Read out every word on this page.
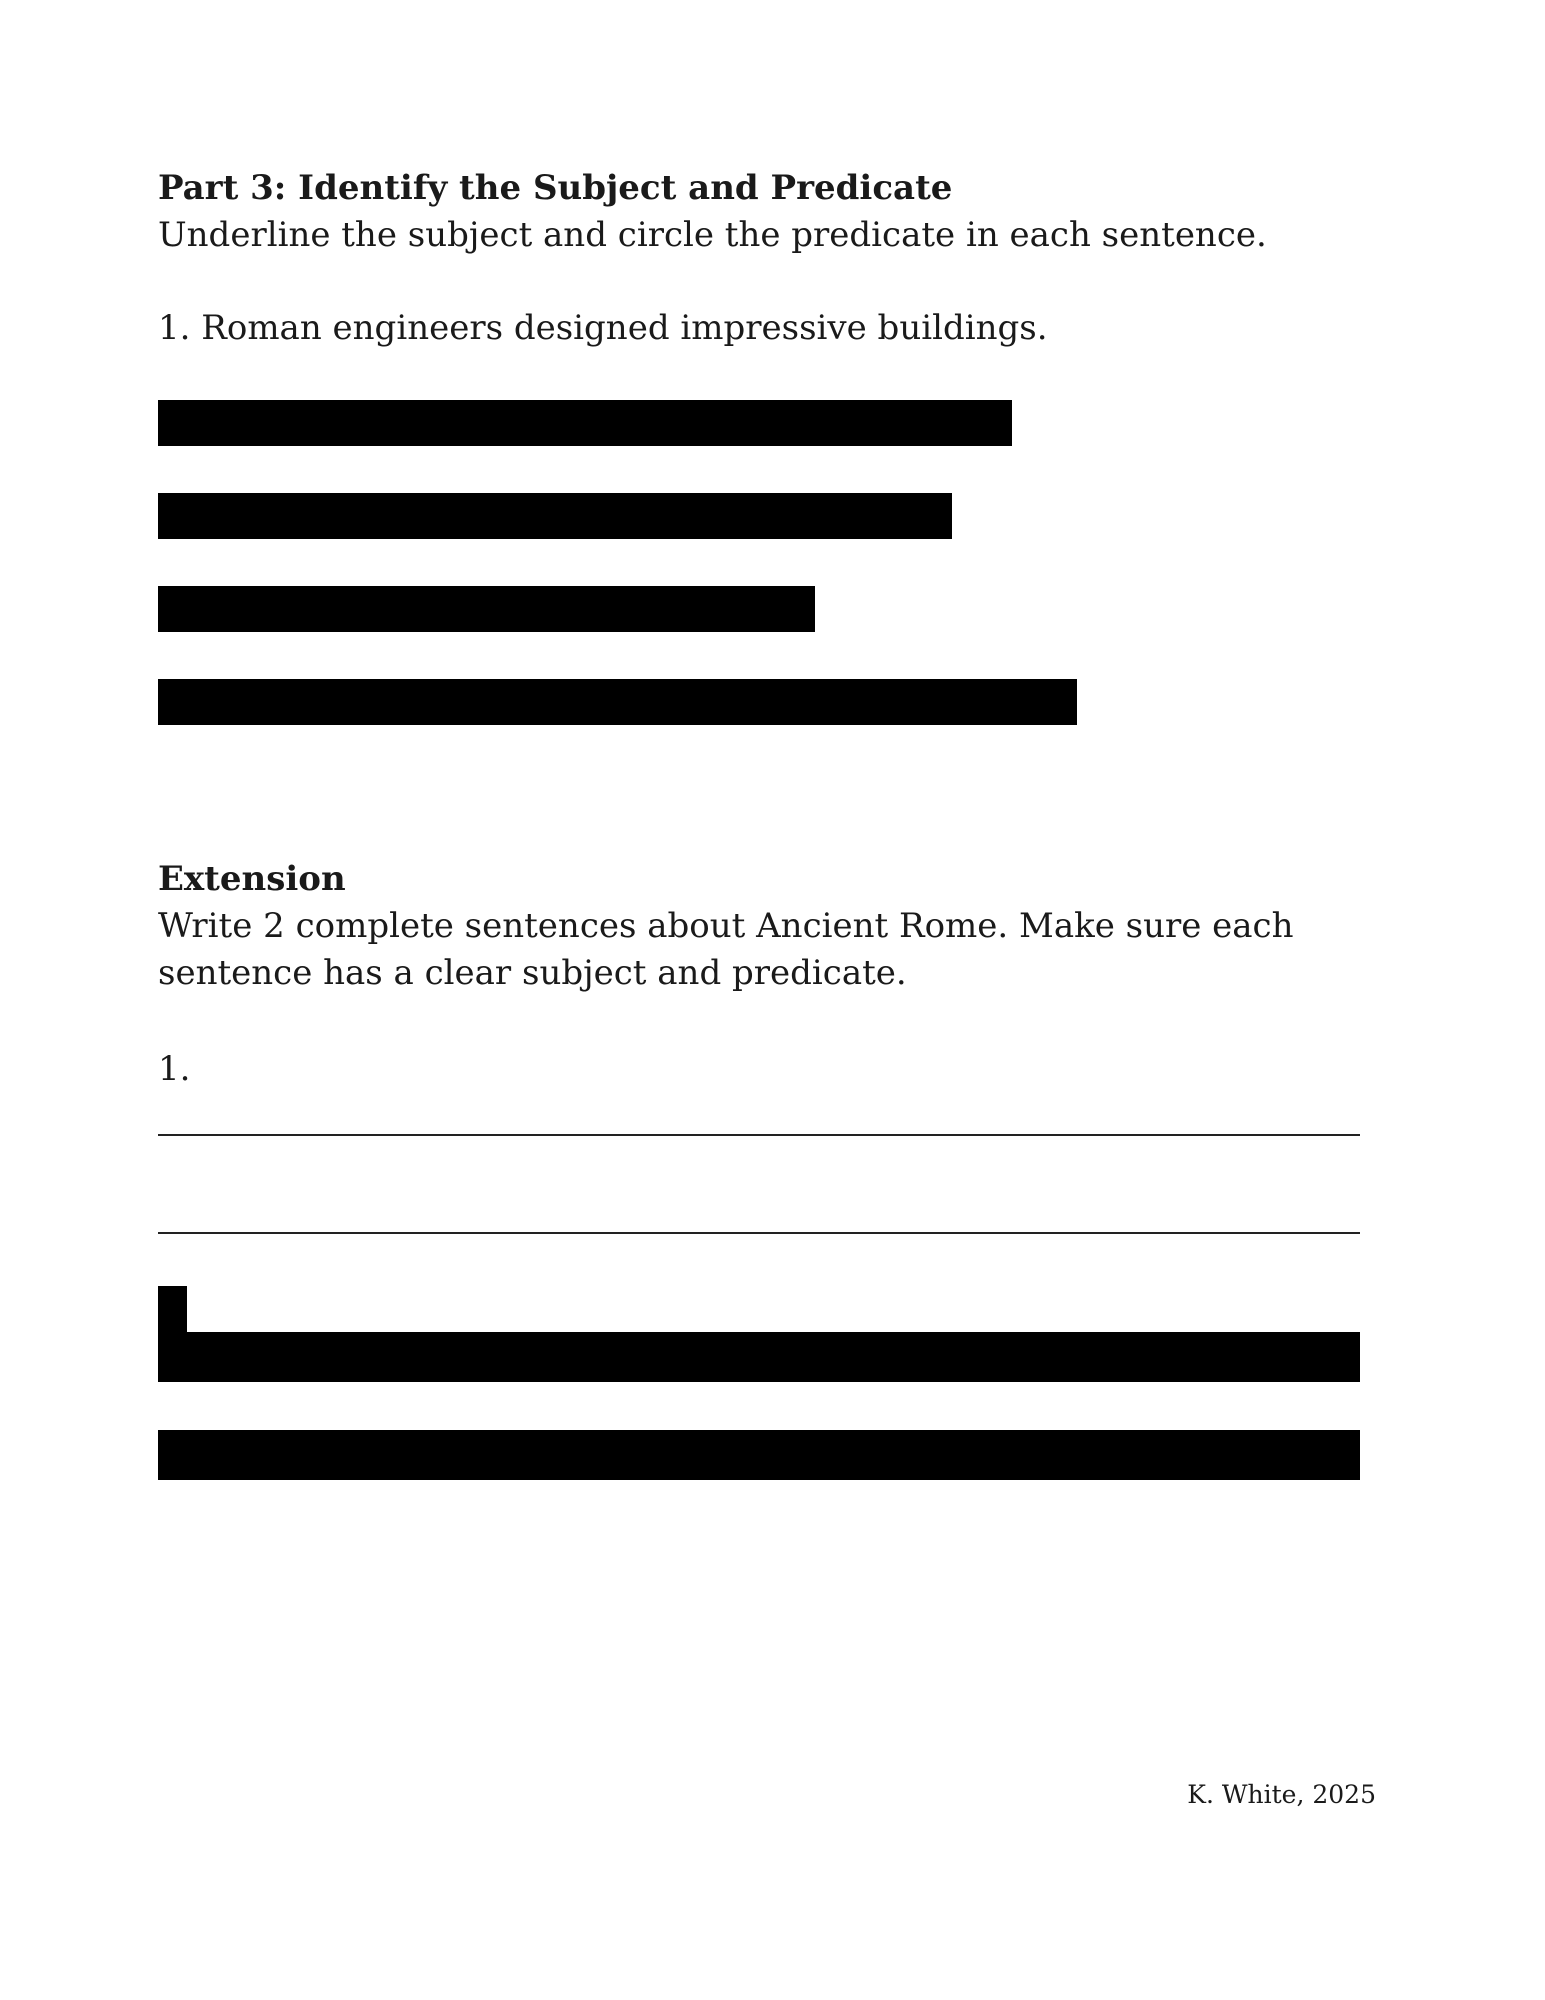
Part 3: Identify the Subject and Predicate
Underline the subject and circle the predicate in each sentence.
1. Roman engineers designed impressive buildings.
Extension
Write 2 complete sentences about Ancient Rome. Make sure each
sentence has a clear subject and predicate.
1.
K. White, 2025
